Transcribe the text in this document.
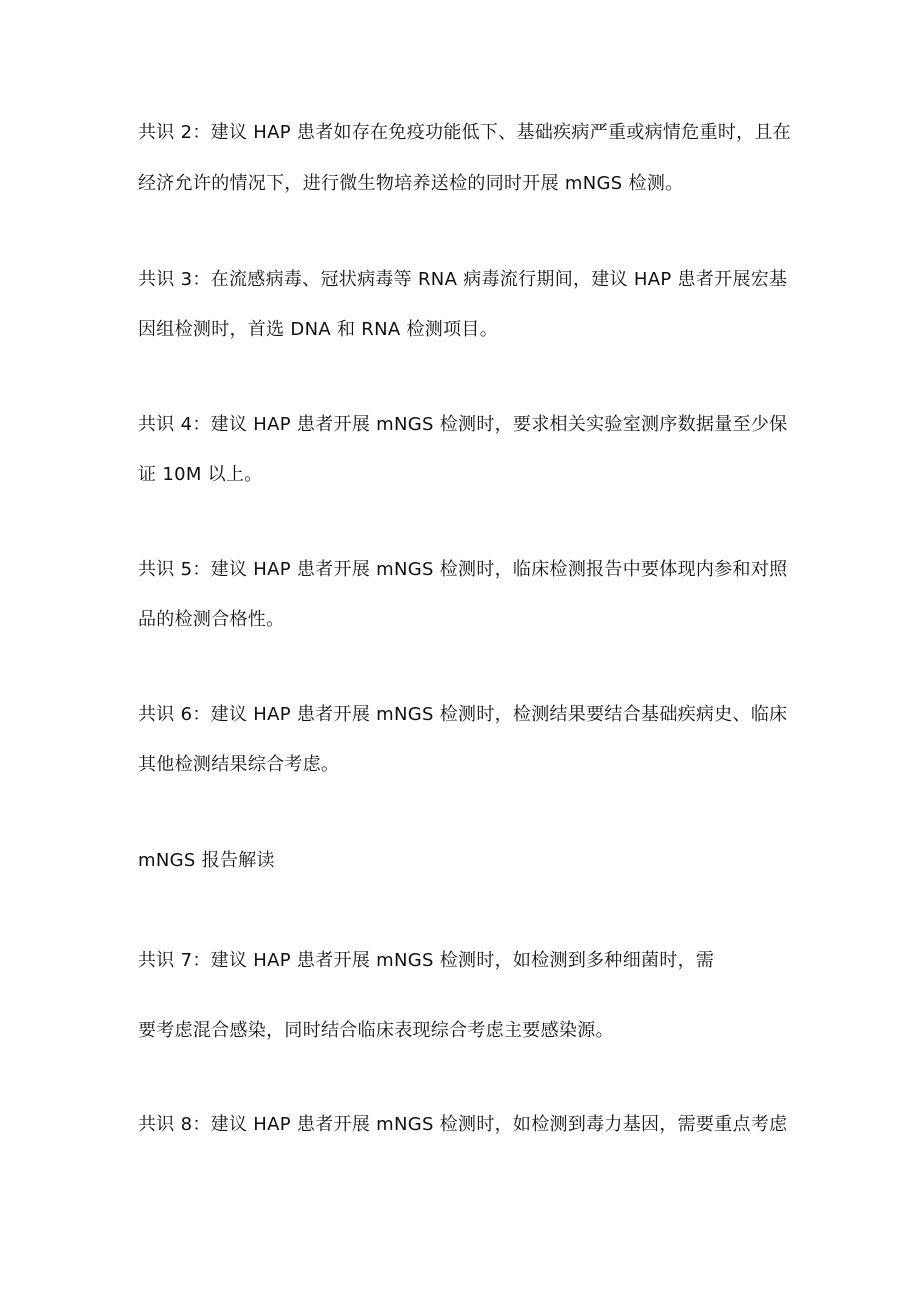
共识 2：建议 HAP 患者如存在免疫功能低下、基础疾病严重或病情危重时，且在
经济允许的情况下，进行微生物培养送检的同时开展 mNGS 检测。
共识 3：在流感病毒、冠状病毒等 RNA 病毒流行期间，建议 HAP 患者开展宏基
因组检测时，首选 DNA 和 RNA 检测项目。
共识 4：建议 HAP 患者开展 mNGS 检测时，要求相关实验室测序数据量至少保
证 10M 以上。
共识 5：建议 HAP 患者开展 mNGS 检测时，临床检测报告中要体现内参和对照
品的检测合格性。
共识 6：建议 HAP 患者开展 mNGS 检测时，检测结果要结合基础疾病史、临床
其他检测结果综合考虑。
mNGS 报告解读
共识 7：建议 HAP 患者开展 mNGS 检测时，如检测到多种细菌时，需
要考虑混合感染，同时结合临床表现综合考虑主要感染源。
共识 8：建议 HAP 患者开展 mNGS 检测时，如检测到毒力基因，需要重点考虑
